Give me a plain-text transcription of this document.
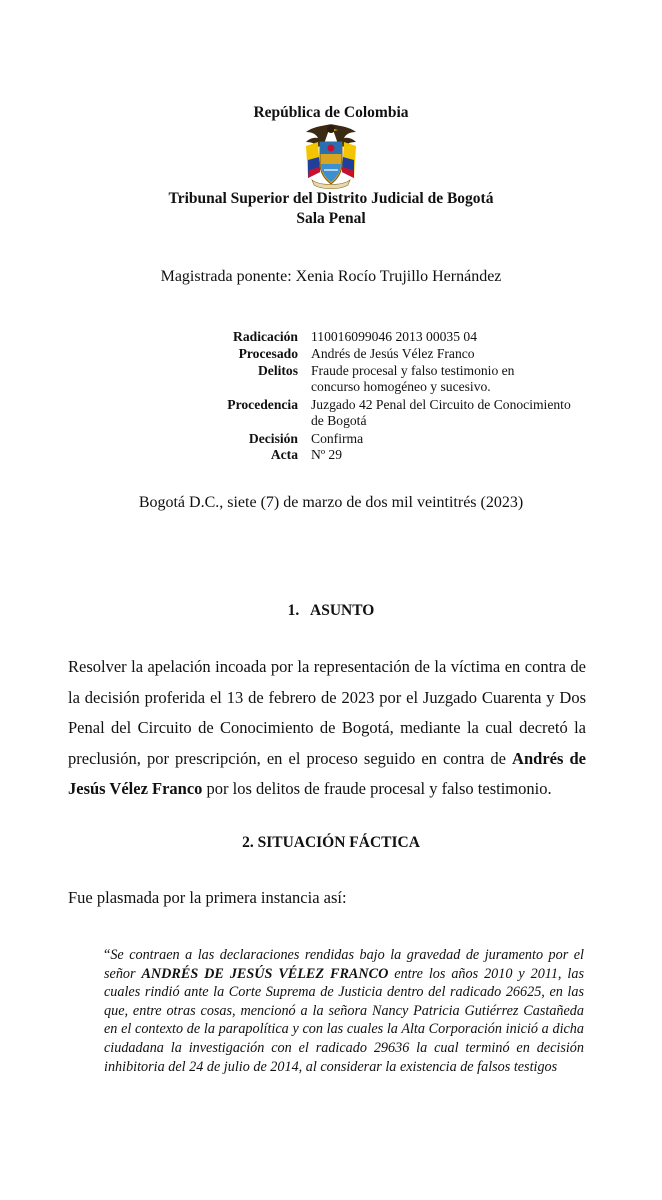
República de Colombia
Tribunal Superior del Distrito Judicial de Bogotá
Sala Penal
Magistrada ponente: Xenia Rocío Trujillo Hernández
Radicación 110016099046 2013 00035 04
Procesado Andrés de Jesús Vélez Franco
Delitos Fraude procesal y falso testimonio en
concurso homogéneo y sucesivo.
Procedencia Juzgado 42 Penal del Circuito de Conocimiento
de Bogotá
Decisión Confirma
Acta Nº 29
Bogotá D.C., siete (7) de marzo de dos mil veintitrés (2023)
1.   ASUNTO
Resolver la apelación incoada por la representación de la víctima en contra de la decisión proferida el 13 de febrero de 2023 por el Juzgado Cuarenta y Dos Penal del Circuito de Conocimiento de Bogotá, mediante la cual decretó la preclusión, por prescripción, en el proceso seguido en contra de Andrés de Jesús Vélez Franco por los delitos de fraude procesal y falso testimonio.
2. SITUACIÓN FÁCTICA
Fue plasmada por la primera instancia así:
“Se contraen a las declaraciones rendidas bajo la gravedad de juramento por el señor ANDRÉS DE JESÚS VÉLEZ FRANCO entre los años 2010 y 2011, las cuales rindió ante la Corte Suprema de Justicia dentro del radicado 26625, en las que, entre otras cosas, mencionó a la señora Nancy Patricia Gutiérrez Castañeda en el contexto de la parapolítica y con las cuales la Alta Corporación inició a dicha ciudadana la investigación con el radicado 29636 la cual terminó en decisión inhibitoria del 24 de julio de 2014, al considerar la existencia de falsos testigos
